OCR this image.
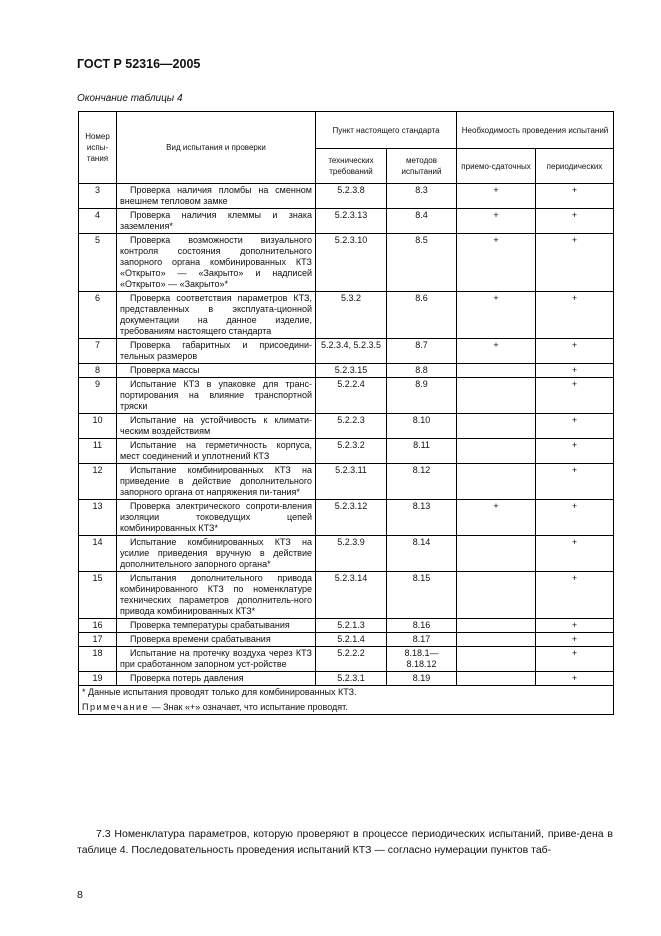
ГОСТ Р 52316—2005
Окончание таблицы 4
Номер испы-тания	Вид испытания и проверки	Пункт настоящего стандарта		Необходимость проведения испытаний	
		технических требований	методов испытаний	приемо-сдаточных	периодических
3	Проверка наличия пломбы на сменном внешнем тепловом замке	5.2.3.8	8.3	+	+
4	Проверка наличия клеммы и знака заземления*	5.2.3.13	8.4	+	+
5	Проверка возможности визуального контроля состояния дополнительного запорного органа комбинированных КТЗ «Открыто» — «Закрыто» и надписей «Открыто» — «Закрыто»*	5.2.3.10	8.5	+	+
6	Проверка соответствия параметров КТЗ, представленных в эксплуата-ционной документации на данное изделие, требованиям настоящего стандарта	5.3.2	8.6	+	+
7	Проверка габаритных и присоедини-тельных размеров	5.2.3.4, 5.2.3.5	8.7	+	+
8	Проверка массы	5.2.3.15	8.8		+
9	Испытание КТЗ в упаковке для транс-портирования на влияние транспортной тряски	5.2.2.4	8.9		+
10	Испытание на устойчивость к климати-ческим воздействиям	5.2.2.3	8.10		+
11	Испытание на герметичность корпуса, мест соединений и уплотнений КТЗ	5.2.3.2	8.11		+
12	Испытание комбинированных КТЗ на приведение в действие дополнительного запорного органа от напряжения пи-тания*	5.2.3.11	8.12		+
13	Проверка электрического сопроти-вления изоляции токоведущих цепей комбинированных КТЗ*	5.2.3.12	8.13	+	+
14	Испытание комбинированных КТЗ на усилие приведения вручную в действие дополнительного запорного органа*	5.2.3.9	8.14		+
15	Испытания дополнительного привода комбинированного КТЗ по номенклатуре технических параметров дополнитель-ного привода комбинированных КТЗ*	5.2.3.14	8.15		+
16	Проверка температуры срабатывания	5.2.1.3	8.16		+
17	Проверка времени срабатывания	5.2.1.4	8.17		+
18	Испытание на протечку воздуха через КТЗ при сработанном запорном уст-ройстве	5.2.2.2	8.18.1— 8.18.12		+
19	Проверка потерь давления	5.2.3.1	8.19		+

* Данные испытания проводят только для комбинированных КТЗ.
Примечание — Знак «+» означает, что испытание проводят.					
7.3 Номенклатура параметров, которую проверяют в процессе периодических испытаний, приве-дена в таблице 4. Последовательность проведения испытаний КТЗ — согласно нумерации пунктов таб-
8
